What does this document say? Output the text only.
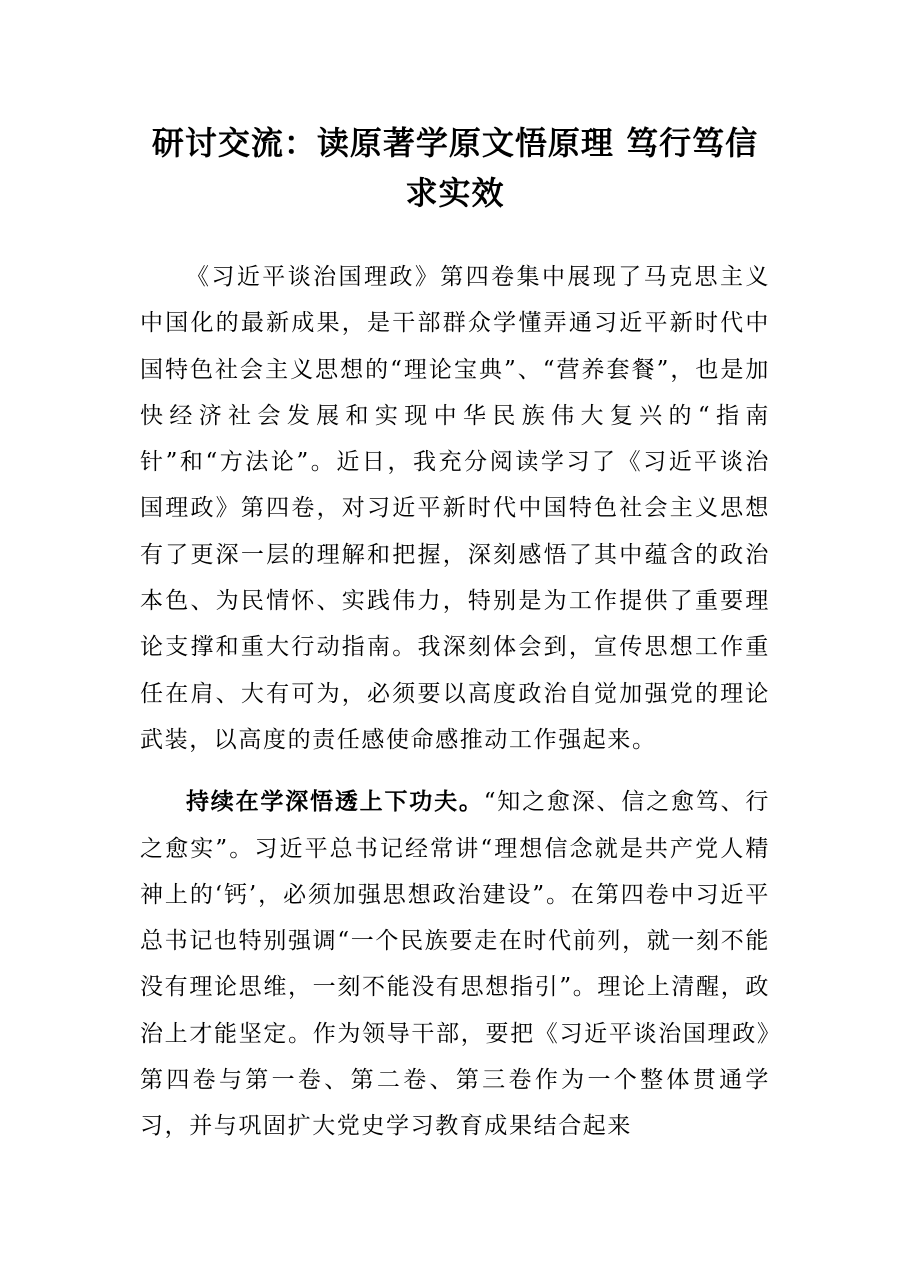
研讨交流：读原著学原文悟原理 笃行笃信
求实效

《习近平谈治国理政》第四卷集中展现了马克思主义中国化的最新成果，是干部群众学懂弄通习近平新时代中国特色社会主义思想的“理论宝典”、“营养套餐”，也是加快经济社会发展和实现中华民族伟大复兴的“指南针”和“方法论”。近日，我充分阅读学习了《习近平谈治国理政》第四卷，对习近平新时代中国特色社会主义思想有了更深一层的理解和把握，深刻感悟了其中蕴含的政治本色、为民情怀、实践伟力，特别是为工作提供了重要理论支撑和重大行动指南。我深刻体会到，宣传思想工作重任在肩、大有可为，必须要以高度政治自觉加强党的理论武装，以高度的责任感使命感推动工作强起来。

持续在学深悟透上下功夫。“知之愈深、信之愈笃、行之愈实”。习近平总书记经常讲“理想信念就是共产党人精神上的‘钙’，必须加强思想政治建设”。在第四卷中习近平总书记也特别强调“一个民族要走在时代前列，就一刻不能没有理论思维，一刻不能没有思想指引”。理论上清醒，政治上才能坚定。作为领导干部，要把《习近平谈治国理政》第四卷与第一卷、第二卷、第三卷作为一个整体贯通学习，并与巩固扩大党史学习教育成果结合起来
